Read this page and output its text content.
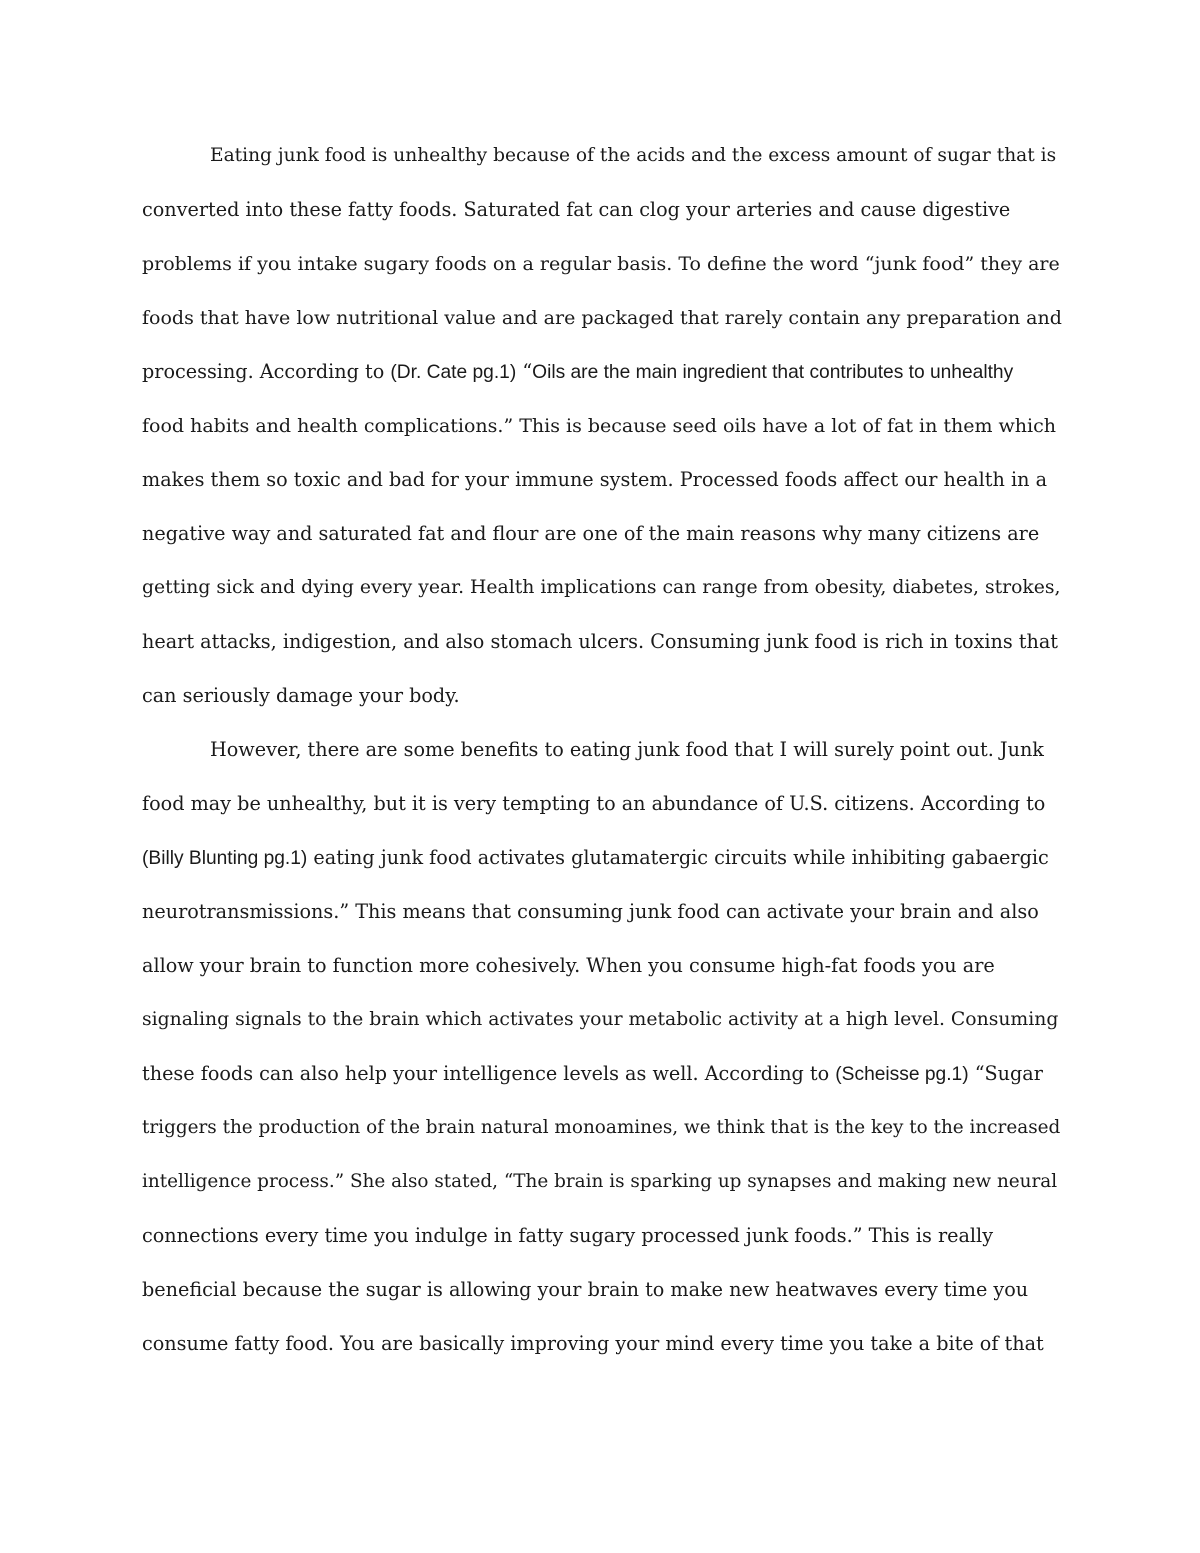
Eating junk food is unhealthy because of the acids and the excess amount of sugar that is
converted into these fatty foods. Saturated fat can clog your arteries and cause digestive
problems if you intake sugary foods on a regular basis. To define the word “junk food” they are
foods that have low nutritional value and are packaged that rarely contain any preparation and
processing. According to (Dr. Cate pg.1) “Oils are the main ingredient that contributes to unhealthy
food habits and health complications.” This is because seed oils have a lot of fat in them which
makes them so toxic and bad for your immune system. Processed foods affect our health in a
negative way and saturated fat and flour are one of the main reasons why many citizens are
getting sick and dying every year. Health implications can range from obesity, diabetes, strokes,
heart attacks, indigestion, and also stomach ulcers. Consuming junk food is rich in toxins that
can seriously damage your body.
However, there are some benefits to eating junk food that I will surely point out. Junk
food may be unhealthy, but it is very tempting to an abundance of U.S. citizens. According to
(Billy Blunting pg.1) eating junk food activates glutamatergic circuits while inhibiting gabaergic
neurotransmissions.” This means that consuming junk food can activate your brain and also
allow your brain to function more cohesively. When you consume high-fat foods you are
signaling signals to the brain which activates your metabolic activity at a high level. Consuming
these foods can also help your intelligence levels as well. According to (Scheisse pg.1) “Sugar
triggers the production of the brain natural monoamines, we think that is the key to the increased
intelligence process.” She also stated, “The brain is sparking up synapses and making new neural
connections every time you indulge in fatty sugary processed junk foods.” This is really
beneficial because the sugar is allowing your brain to make new heatwaves every time you
consume fatty food. You are basically improving your mind every time you take a bite of that
